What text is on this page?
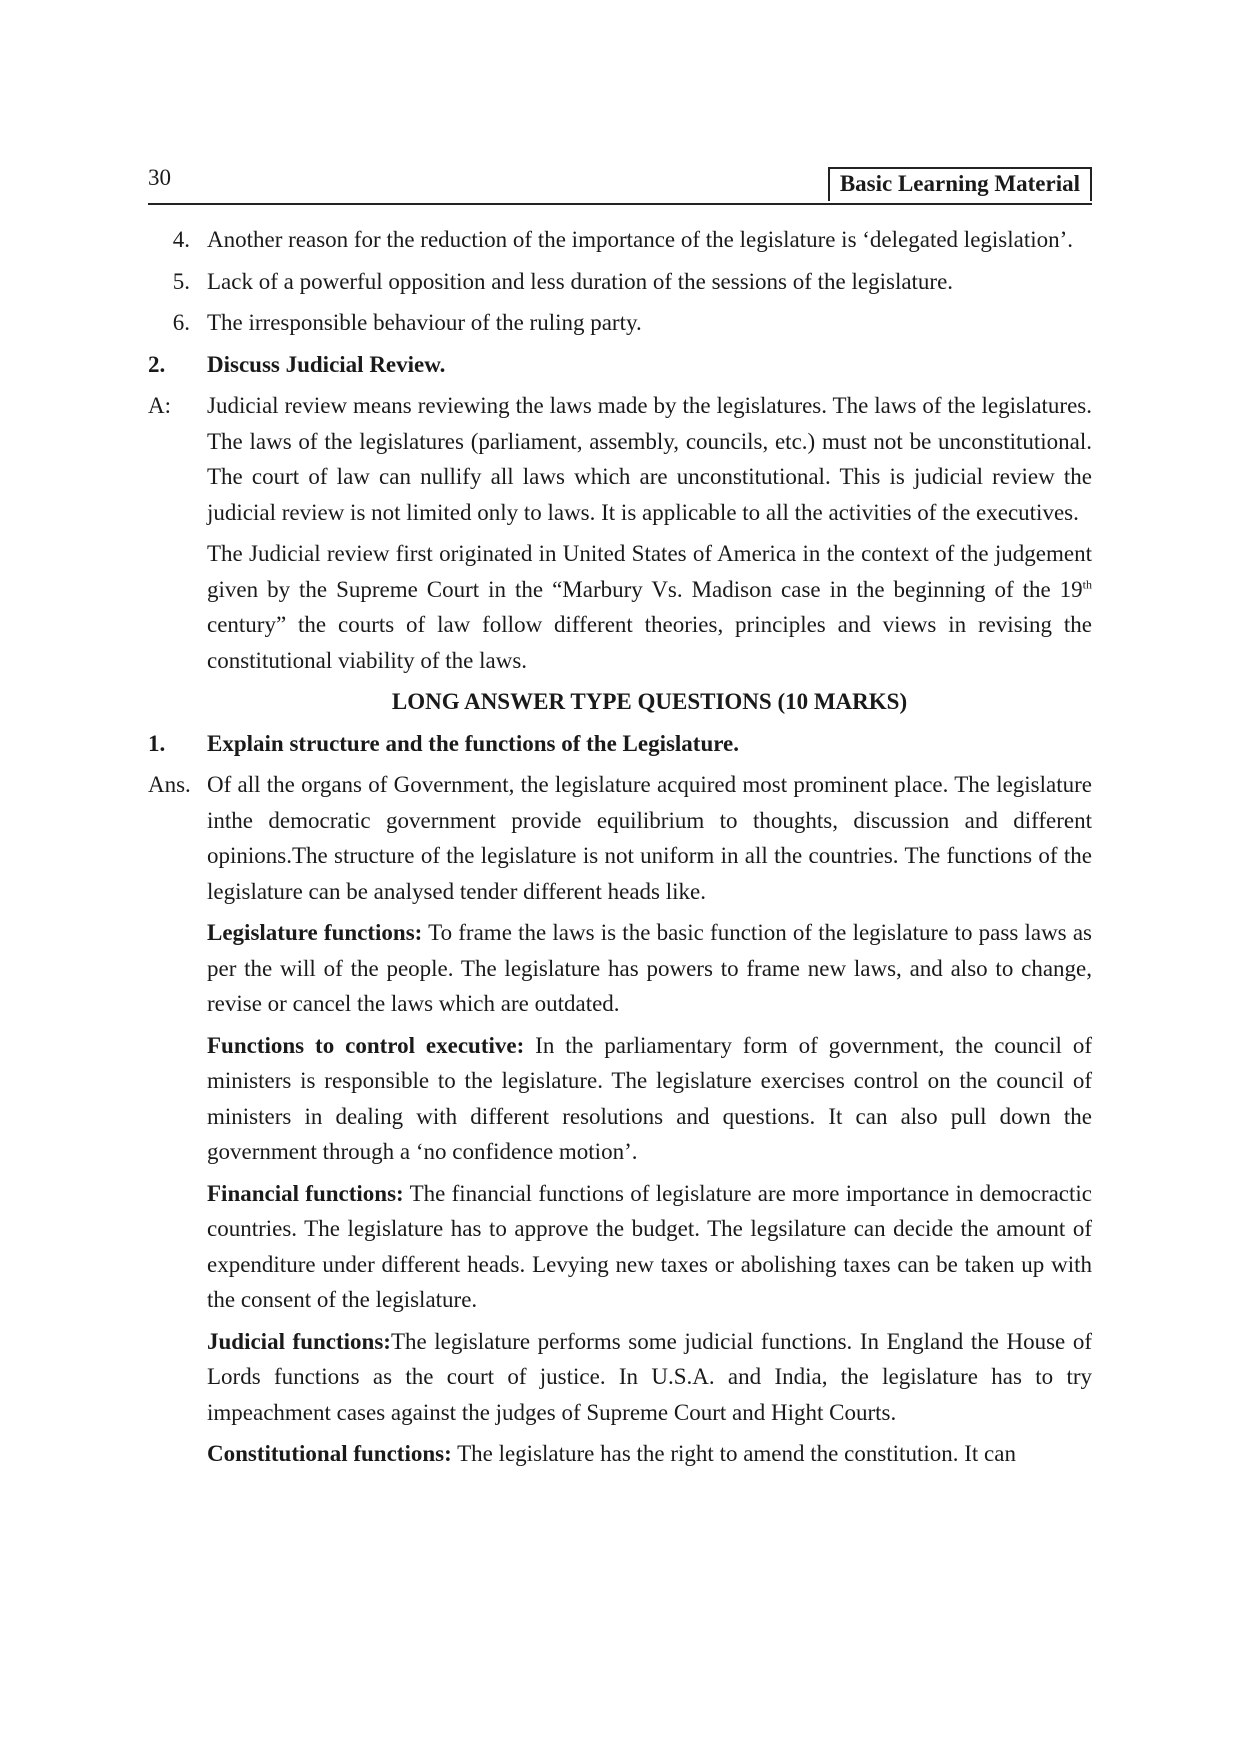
30	Basic Learning Material
4. Another reason for the reduction of the importance of the legislature is ‘delegated legislation’.
5. Lack of a powerful opposition and less duration of the sessions of the legislature.
6. The irresponsible behaviour of the ruling party.
2.	Discuss Judicial Review.
A:	Judicial review means reviewing the laws made by the legislatures. The laws of the legislatures. The laws of the legislatures (parliament, assembly, councils, etc.) must not be unconstitutional. The court of law can nullify all laws which are unconstitutional. This is judicial review the judicial review is not limited only to laws. It is applicable to all the activities of the executives.
The Judicial review first originated in United States of America in the context of the judgement given by the Supreme Court in the “Marbury Vs. Madison case in the beginning of the 19th century” the courts of law follow different theories, principles and views in revising the constitutional viability of the laws.
LONG ANSWER TYPE QUESTIONS (10 MARKS)
1.	Explain structure and the functions of the Legislature.
Ans. Of all the organs of Government, the legislature acquired most prominent place. The legislature inthe democratic government provide equilibrium to thoughts, discussion and different opinions.The structure of the legislature is not uniform in all the countries. The functions of the legislature can be analysed tender different heads like.
Legislature functions: To frame the laws is the basic function of the legislature to pass laws as per the will of the people. The legislature has powers to frame new laws, and also to change, revise or cancel the laws which are outdated.
Functions to control executive: In the parliamentary form of government, the council of ministers is responsible to the legislature. The legislature exercises control on the council of ministers in dealing with different resolutions and questions. It can also pull down the government through a ‘no confidence motion’.
Financial functions: The financial functions of legislature are more importance in democractic countries. The legislature has to approve the budget. The legsilature can decide the amount of expenditure under different heads. Levying new taxes or abolishing taxes can be taken up with the consent of the legislature.
Judicial functions:The legislature performs some judicial functions. In England the House of Lords functions as the court of justice. In U.S.A. and India, the legislature has to try impeachment cases against the judges of Supreme Court and Hight Courts.
Constitutional functions: The legislature has the right to amend the constitution. It can
